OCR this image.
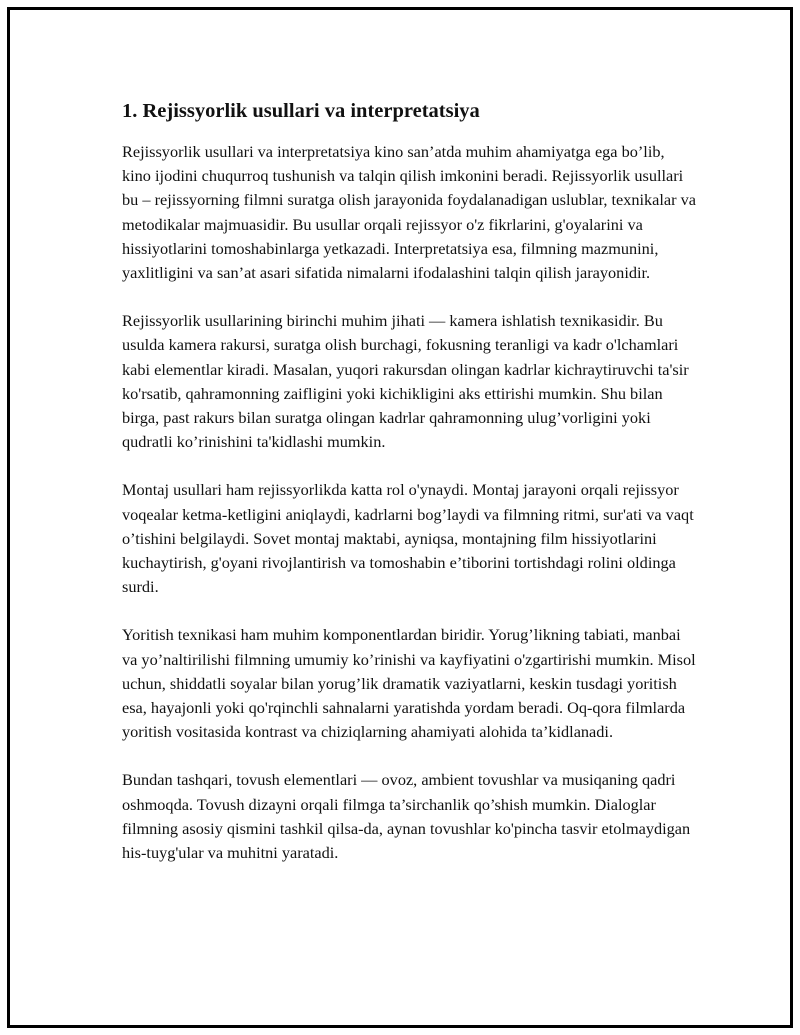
1. Rejissyorlik usullari va interpretatsiya

Rejissyorlik usullari va interpretatsiya kino san’atda muhim ahamiyatga ega bo’lib, kino ijodini chuqurroq tushunish va talqin qilish imkonini beradi. Rejissyorlik usullari bu – rejissyorning filmni suratga olish jarayonida foydalanadigan uslublar, texnikalar va metodikalar majmuasidir. Bu usullar orqali rejissyor o'z fikrlarini, g'oyalarini va hissiyotlarini tomoshabinlarga yetkazadi. Interpretatsiya esa, filmning mazmunini, yaxlitligini va san’at asari sifatida nimalarni ifodalashini talqin qilish jarayonidir.

Rejissyorlik usullarining birinchi muhim jihati — kamera ishlatish texnikasidir. Bu usulda kamera rakursi, suratga olish burchagi, fokusning teranligi va kadr o'lchamlari kabi elementlar kiradi. Masalan, yuqori rakursdan olingan kadrlar kichraytiruvchi ta'sir ko'rsatib, qahramonning zaifligini yoki kichikligini aks ettirishi mumkin. Shu bilan birga, past rakurs bilan suratga olingan kadrlar qahramonning ulug’vorligini yoki qudratli ko’rinishini ta'kidlashi mumkin.

Montaj usullari ham rejissyorlikda katta rol o'ynaydi. Montaj jarayoni orqali rejissyor voqealar ketma-ketligini aniqlaydi, kadrlarni bog’laydi va filmning ritmi, sur'ati va vaqt o’tishini belgilaydi. Sovet montaj maktabi, ayniqsa, montajning film hissiyotlarini kuchaytirish, g'oyani rivojlantirish va tomoshabin e’tiborini tortishdagi rolini oldinga surdi.

Yoritish texnikasi ham muhim komponentlardan biridir. Yorug’likning tabiati, manbai va yo’naltirilishi filmning umumiy ko’rinishi va kayfiyatini o'zgartirishi mumkin. Misol uchun, shiddatli soyalar bilan yorug’lik dramatik vaziyatlarni, keskin tusdagi yoritish esa, hayajonli yoki qo'rqinchli sahnalarni yaratishda yordam beradi. Oq-qora filmlarda yoritish vositasida kontrast va chiziqlarning ahamiyati alohida ta’kidlanadi.

Bundan tashqari, tovush elementlari — ovoz, ambient tovushlar va musiqaning qadri oshmoqda. Tovush dizayni orqali filmga ta’sirchanlik qo’shish mumkin. Dialoglar filmning asosiy qismini tashkil qilsa-da, aynan tovushlar ko'pincha tasvir etolmaydigan his-tuyg'ular va muhitni yaratadi.
